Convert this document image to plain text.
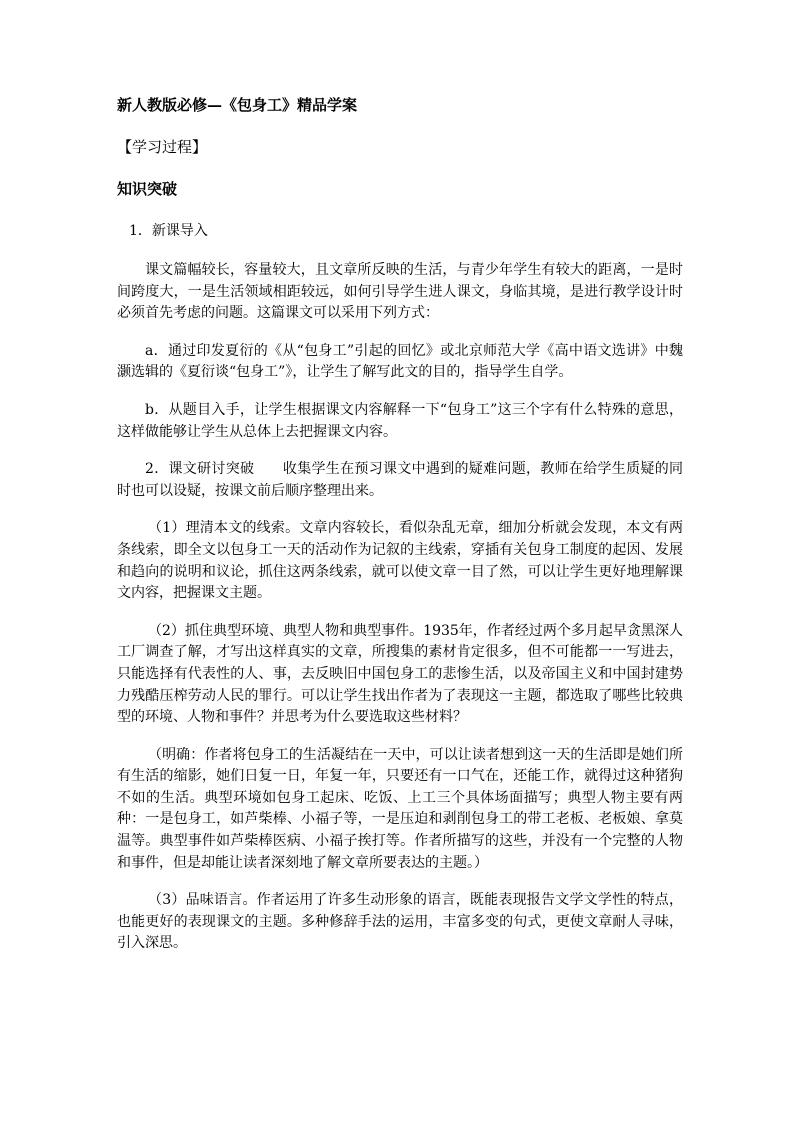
新人教版必修—《包身工》精品学案
【学习过程】
知识突破
1．新课导入

课文篇幅较长，容量较大，且文章所反映的生活，与青少年学生有较大的距离，一是时间跨度大，一是生活领域相距较远，如何引导学生进人课文，身临其境，是进行教学设计时必须首先考虑的问题。这篇课文可以采用下列方式：

a．通过印发夏衍的《从“包身工”引起的回忆》或北京师范大学《高中语文选讲》中魏灏选辑的《夏衍谈“包身工”》，让学生了解写此文的目的，指导学生自学。

b．从题目入手，让学生根据课文内容解释一下“包身工”这三个字有什么特殊的意思，这样做能够让学生从总体上去把握课文内容。

2．课文研讨突破　　收集学生在预习课文中遇到的疑难问题，教师在给学生质疑的同时也可以设疑，按课文前后顺序整理出来。

（1）理清本文的线索。文章内容较长，看似杂乱无章，细加分析就会发现，本文有两条线索，即全文以包身工一天的活动作为记叙的主线索，穿插有关包身工制度的起因、发展和趋向的说明和议论，抓住这两条线索，就可以使文章一目了然，可以让学生更好地理解课文内容，把握课文主题。

（2）抓住典型环境、典型人物和典型事件。1935年，作者经过两个多月起早贪黑深人工厂调查了解，才写出这样真实的文章，所搜集的素材肯定很多，但不可能都一一写进去，只能选择有代表性的人、事，去反映旧中国包身工的悲惨生活，以及帝国主义和中国封建势力残酷压榨劳动人民的罪行。可以让学生找出作者为了表现这一主题，都选取了哪些比较典型的环境、人物和事件？并思考为什么要选取这些材料？

（明确：作者将包身工的生活凝结在一天中，可以让读者想到这一天的生活即是她们所有生活的缩影，她们日复一日，年复一年，只要还有一口气在，还能工作，就得过这种猪狗不如的生活。典型环境如包身工起床、吃饭、上工三个具体场面描写；典型人物主要有两种：一是包身工，如芦柴棒、小福子等，一是压迫和剥削包身工的带工老板、老板娘、拿莫温等。典型事件如芦柴棒医病、小福子挨打等。作者所描写的这些，并没有一个完整的人物和事件，但是却能让读者深刻地了解文章所要表达的主题。）

（3）品味语言。作者运用了许多生动形象的语言，既能表现报告文学文学性的特点，也能更好的表现课文的主题。多种修辞手法的运用，丰富多变的句式，更使文章耐人寻味，引入深思。
